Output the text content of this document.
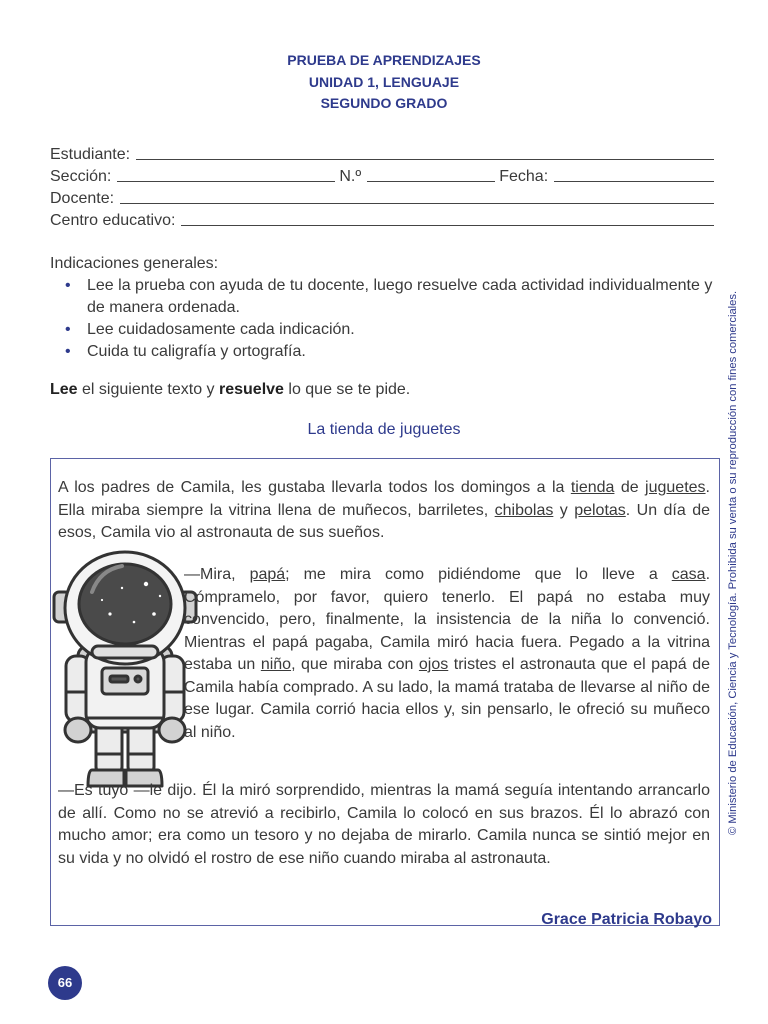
PRUEBA DE APRENDIZAJES
UNIDAD 1, LENGUAJE
SEGUNDO GRADO
Estudiante:
Sección:	N.º	Fecha:
Docente:
Centro educativo:
Indicaciones generales:
• Lee la prueba con ayuda de tu docente, luego resuelve cada actividad individualmente y de manera ordenada.
• Lee cuidadosamente cada indicación.
• Cuida tu caligrafía y ortografía.
Lee el siguiente texto y resuelve lo que se te pide.
La tienda de juguetes
A los padres de Camila, les gustaba llevarla todos los domingos a la tienda de juguetes. Ella miraba siempre la vitrina llena de muñecos, barriletes, chibolas y pelotas. Un día de esos, Camila vio al astronauta de sus sueños.
—Mira, papá; me mira como pidiéndome que lo lleve a casa. Cómpramelo, por favor, quiero tenerlo. El papá no estaba muy convencido, pero, finalmente, la insistencia de la niña lo convenció. Mientras el papá pagaba, Camila miró hacia fuera. Pegado a la vitrina estaba un niño, que miraba con ojos tristes el astronauta que el papá de Camila había comprado. A su lado, la mamá trataba de llevarse al niño de ese lugar. Camila corrió hacia ellos y, sin pensarlo, le ofreció su muñeco al niño.
—Es tuyo —le dijo. Él la miró sorprendido, mientras la mamá seguía intentando arrancarlo de allí. Como no se atrevió a recibirlo, Camila lo colocó en sus brazos. Él lo abrazó con mucho amor; era como un tesoro y no dejaba de mirarlo. Camila nunca se sintió mejor en su vida y no olvidó el rostro de ese niño cuando miraba al astronauta.
Grace Patricia Robayo
© Ministerio de Educación, Ciencia y Tecnología. Prohibida su venta o su reproducción con fines comerciales.
66
